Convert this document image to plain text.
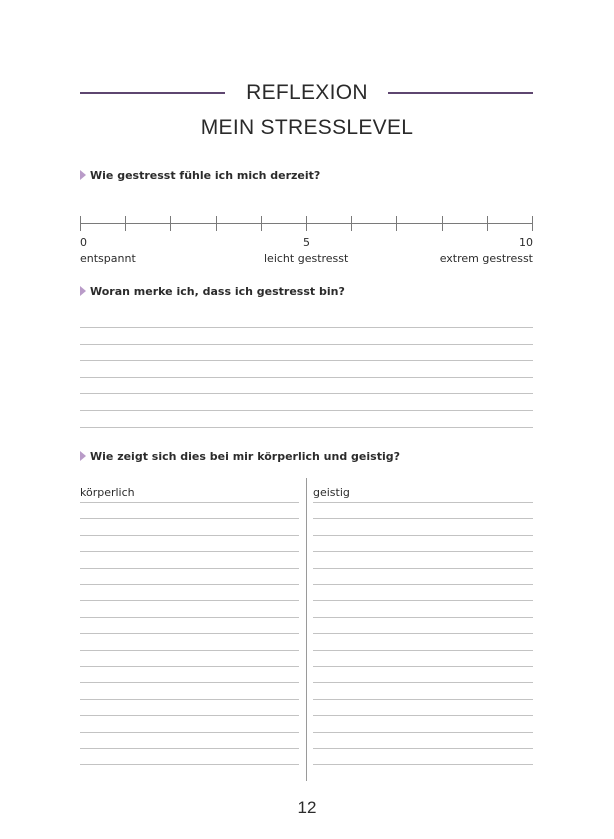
REFLEXION
MEIN STRESSLEVEL
Wie gestresst fühle ich mich derzeit?
0	5	10
entspannt	leicht gestresst	extrem gestresst
Woran merke ich, dass ich gestresst bin?
Wie zeigt sich dies bei mir körperlich und geistig?
körperlich	geistig
12
